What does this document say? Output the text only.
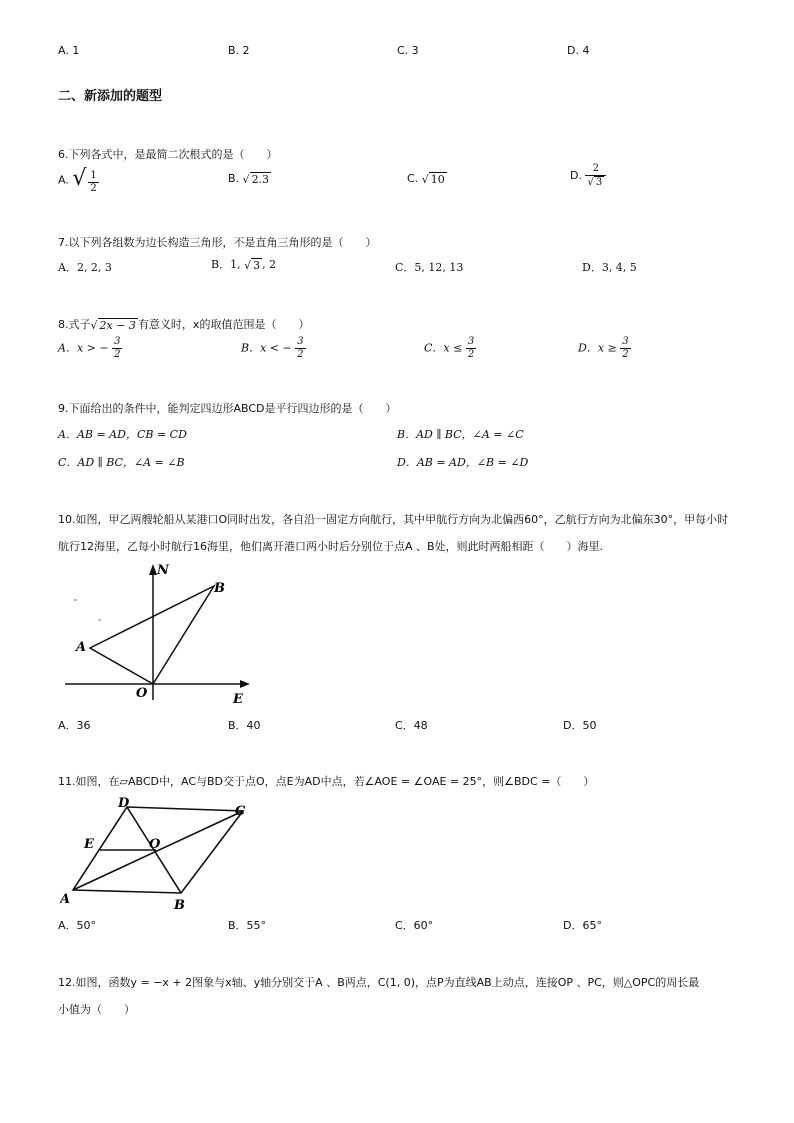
A. 1	B. 2	C. 3	D. 4
二、新添加的题型
6.下列各式中，是最简二次根式的是（　　）
A. √ $\frac{1}{2}$	B. √ 2.3	C. √ 10	D. $\frac{2}{√ 3}$
7.以下列各组数为边长构造三角形，不是直角三角形的是（　　）
A．2, 2, 3	B．1, √ 3 , 2	C．5, 12, 13	D．3, 4, 5
8.式子√ 2x − 3 有意义时，x的取值范围是（　　）
A．x > − $\frac{3}{2}$	B．x < − $\frac{3}{2}$	C．$x \le \frac{3}{2}$	D．$x \ge \frac{3}{2}$
9.下面给出的条件中，能判定四边形ABCD是平行四边形的是（　　）
A．AB = AD，CB = CD	B．AD ∥ BC，∠A = ∠C
C．AD ∥ BC，∠A = ∠B	D．AB = AD，∠B = ∠D
10.如图，甲乙两艘轮船从某港口O同时出发，各自沿一固定方向航行，其中甲航行方向为北偏西60°，乙航行方向为北偏东30°，甲每小时
航行12海里，乙每小时航行16海里，他们离开港口两小时后分别位于点A 、B处，则此时两船相距（　　）海里.
N
E
O
A
B
A．36	B．40	C．48	D．50
11.如图，在▱ABCD中，AC与BD交于点O，点E为AD中点，若∠AOE = ∠OAE = 25°，则∠BDC =（　　）
A	B
C
D
E	O
A．50°	B．55°	C．60°	D．65°
12.如图，函数y = −x + 2图象与x轴、y轴分别交于A 、B两点，C(1, 0)，点P为直线AB上动点，连接OP 、PC，则△OPC的周长最
小值为（　　）
